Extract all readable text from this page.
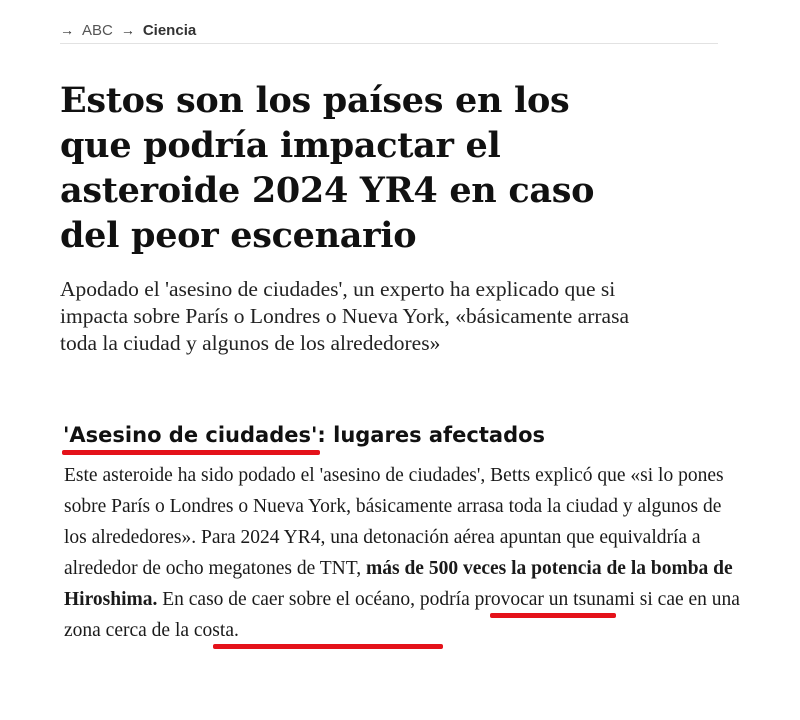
→ ABC → Ciencia
Estos son los países en los que podría impactar el asteroide 2024 YR4 en caso del peor escenario

Apodado el 'asesino de ciudades', un experto ha explicado que si impacta sobre París o Londres o Nueva York, «básicamente arrasa toda la ciudad y algunos de los alrededores»

'Asesino de ciudades': lugares afectados

Este asteroide ha sido podado el 'asesino de ciudades', Betts explicó que «si lo pones sobre París o Londres o Nueva York, básicamente arrasa toda la ciudad y algunos de los alrededores». Para 2024 YR4, una detonación aérea apuntan que equivaldría a alrededor de ocho megatones de TNT, más de 500 veces la potencia de la bomba de Hiroshima. En caso de caer sobre el océano, podría provocar un tsunami si cae en una zona cerca de la costa.
